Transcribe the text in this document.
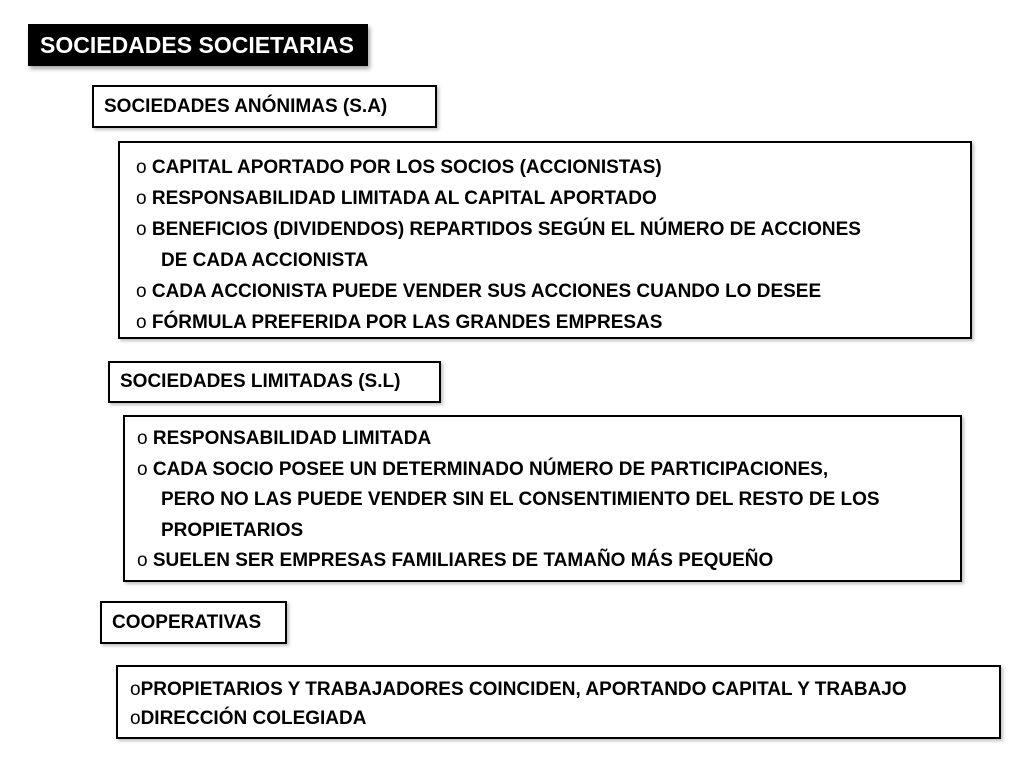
SOCIEDADES SOCIETARIAS
SOCIEDADES ANÓNIMAS (S.A)
o CAPITAL APORTADO POR LOS SOCIOS (ACCIONISTAS)
o RESPONSABILIDAD LIMITADA AL CAPITAL APORTADO
o BENEFICIOS (DIVIDENDOS) REPARTIDOS SEGÚN EL NÚMERO DE ACCIONES
DE CADA ACCIONISTA
o CADA ACCIONISTA PUEDE VENDER SUS ACCIONES CUANDO LO DESEE
o FÓRMULA PREFERIDA POR LAS GRANDES EMPRESAS
SOCIEDADES LIMITADAS (S.L)
o RESPONSABILIDAD LIMITADA
o CADA SOCIO POSEE UN DETERMINADO NÚMERO DE PARTICIPACIONES,
PERO NO LAS PUEDE VENDER SIN EL CONSENTIMIENTO DEL RESTO DE LOS
PROPIETARIOS
o SUELEN SER EMPRESAS FAMILIARES DE TAMAÑO MÁS PEQUEÑO
COOPERATIVAS
oPROPIETARIOS Y TRABAJADORES COINCIDEN, APORTANDO CAPITAL Y TRABAJO
oDIRECCIÓN COLEGIADA
